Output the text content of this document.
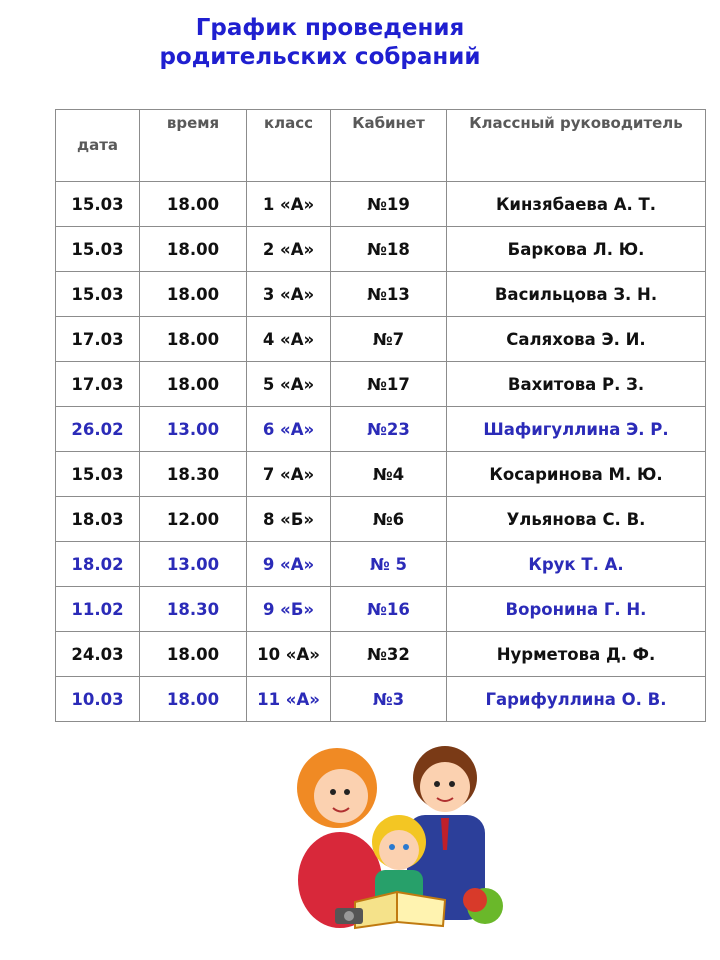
График проведения
родительских собраний
дата	время	класс	Кабинет	Классный руководитель
15.03	18.00	1 «А»	№19	Кинзябаева А. Т.
15.03	18.00	2 «А»	№18	Баркова Л. Ю.
15.03	18.00	3 «А»	№13	Васильцова З. Н.
17.03	18.00	4 «А»	№7	Саляхова Э. И.
17.03	18.00	5 «А»	№17	Вахитова Р. З.
26.02	13.00	6 «А»	№23	Шафигуллина Э. Р.
15.03	18.30	7 «А»	№4	Косаринова М. Ю.
18.03	12.00	8 «Б»	№6	Ульянова С. В.
18.02	13.00	9 «А»	№ 5	Крук Т. А.
11.02	18.30	9 «Б»	№16	Воронина Г. Н.
24.03	18.00	10 «А»	№32	Нурметова Д. Ф.
10.03	18.00	11 «А»	№3	Гарифуллина О. В.
